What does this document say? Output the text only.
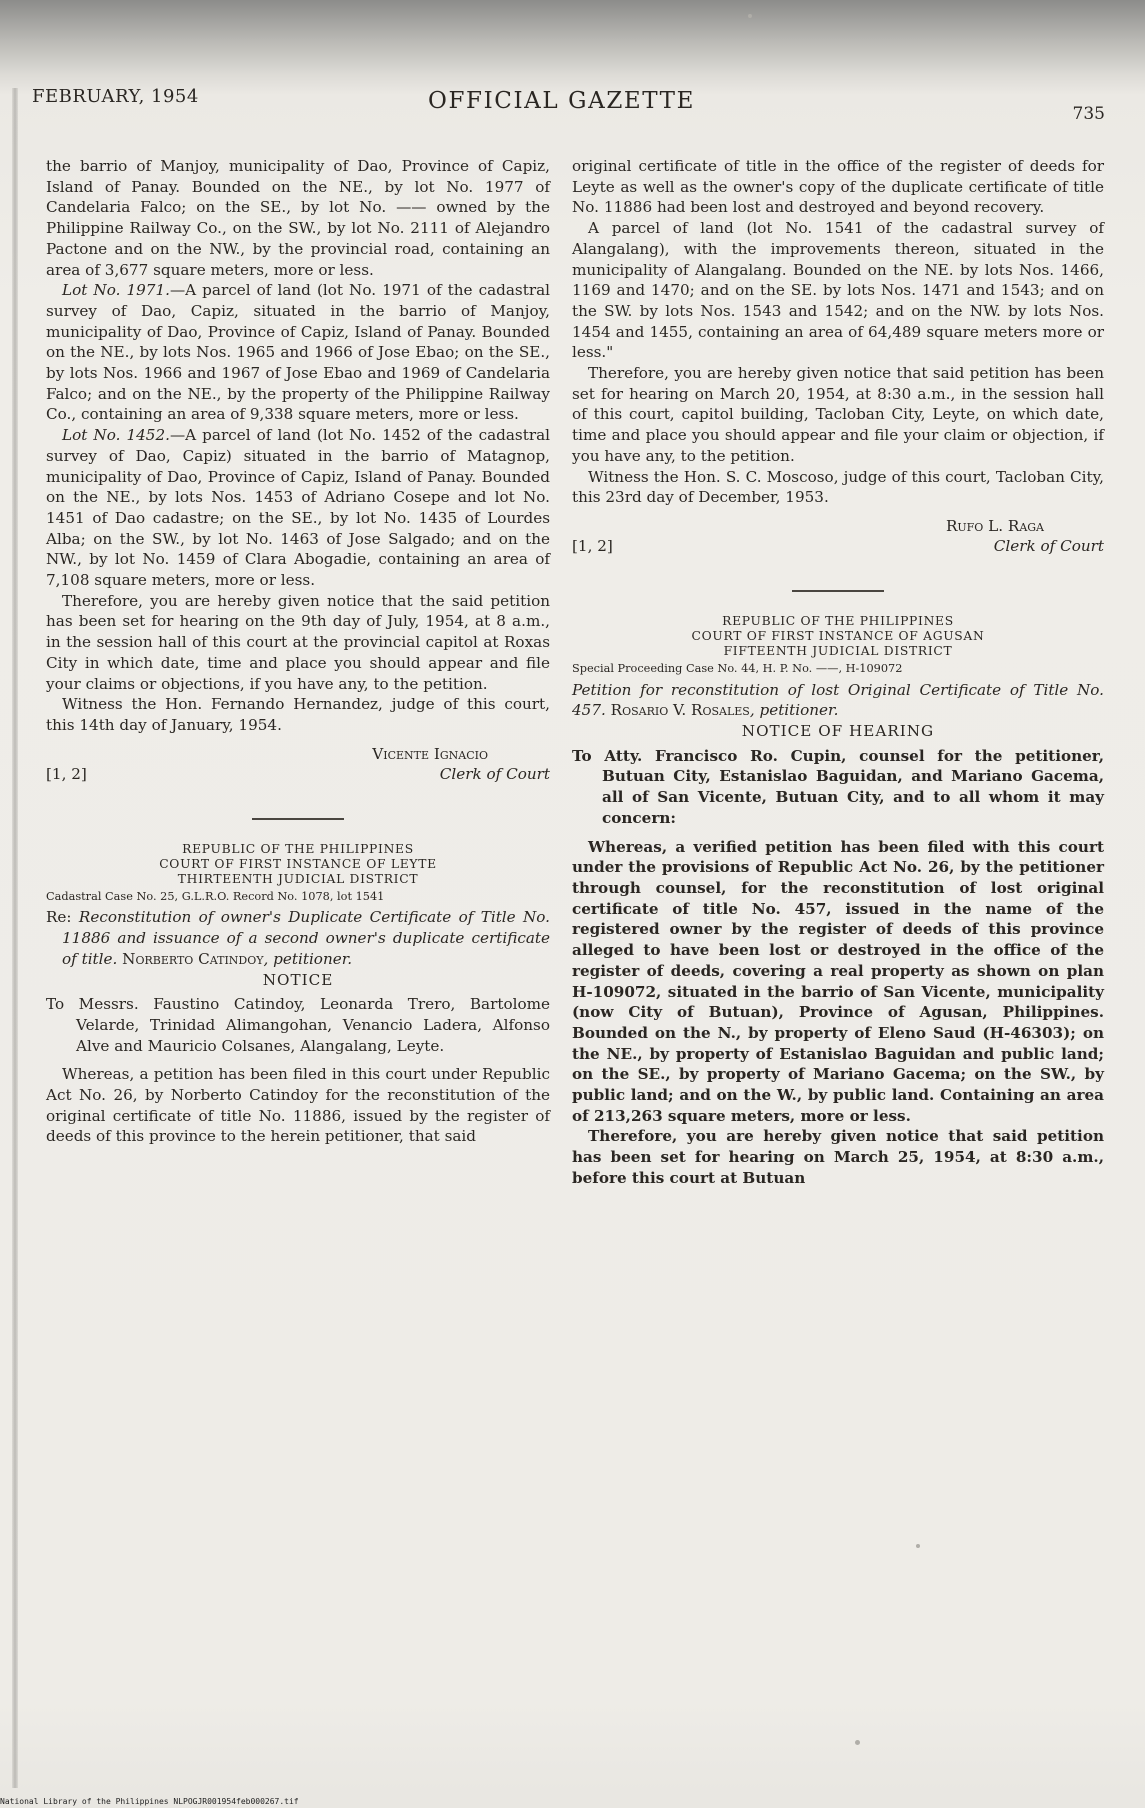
FEBRUARY, 1954	OFFICIAL GAZETTE	735

the barrio of Manjoy, municipality of Dao, Province of Capiz, Island of Panay. Bounded on the NE., by lot No. 1977 of Candelaria Falco; on the SE., by lot No. —— owned by the Philippine Railway Co., on the SW., by lot No. 2111 of Alejandro Pactone and on the NW., by the provincial road, containing an area of 3,677 square meters, more or less.

Lot No. 1971.—A parcel of land (lot No. 1971 of the cadastral survey of Dao, Capiz, situated in the barrio of Manjoy, municipality of Dao, Province of Capiz, Island of Panay. Bounded on the NE., by lots Nos. 1965 and 1966 of Jose Ebao; on the SE., by lots Nos. 1966 and 1967 of Jose Ebao and 1969 of Candelaria Falco; and on the NE., by the property of the Philippine Railway Co., containing an area of 9,338 square meters, more or less.

Lot No. 1452.—A parcel of land (lot No. 1452 of the cadastral survey of Dao, Capiz) situated in the barrio of Matagnop, municipality of Dao, Province of Capiz, Island of Panay. Bounded on the NE., by lots Nos. 1453 of Adriano Cosepe and lot No. 1451 of Dao cadastre; on the SE., by lot No. 1435 of Lourdes Alba; on the SW., by lot No. 1463 of Jose Salgado; and on the NW., by lot No. 1459 of Clara Abogadie, containing an area of 7,108 square meters, more or less.

Therefore, you are hereby given notice that the said petition has been set for hearing on the 9th day of July, 1954, at 8 a.m., in the session hall of this court at the provincial capitol at Roxas City in which date, time and place you should appear and file your claims or objections, if you have any, to the petition.

Witness the Hon. Fernando Hernandez, judge of this court, this 14th day of January, 1954.

[1, 2]
Vicente Ignacio
Clerk of Court
REPUBLIC OF THE PHILIPPINES
COURT OF FIRST INSTANCE OF LEYTE
THIRTEENTH JUDICIAL DISTRICT

Cadastral Case No. 25, G.L.R.O. Record No. 1078, lot 1541

Re: Reconstitution of owner's Duplicate Certificate of Title No. 11886 and issuance of a second owner's duplicate certificate of title. Norberto Catindoy, petitioner.

NOTICE

To Messrs. Faustino Catindoy, Leonarda Trero, Bartolome Velarde, Trinidad Alimangohan, Venancio Ladera, Alfonso Alve and Mauricio Colsanes, Alangalang, Leyte.

Whereas, a petition has been filed in this court under Republic Act No. 26, by Norberto Catindoy for the reconstitution of the original certificate of title No. 11886, issued by the register of deeds of this province to the herein petitioner, that said

original certificate of title in the office of the register of deeds for Leyte as well as the owner's copy of the duplicate certificate of title No. 11886 had been lost and destroyed and beyond recovery.

A parcel of land (lot No. 1541 of the cadastral survey of Alangalang), with the improvements thereon, situated in the municipality of Alangalang. Bounded on the NE. by lots Nos. 1466, 1169 and 1470; and on the SE. by lots Nos. 1471 and 1543; and on the SW. by lots Nos. 1543 and 1542; and on the NW. by lots Nos. 1454 and 1455, containing an area of 64,489 square meters more or less."

Therefore, you are hereby given notice that said petition has been set for hearing on March 20, 1954, at 8:30 a.m., in the session hall of this court, capitol building, Tacloban City, Leyte, on which date, time and place you should appear and file your claim or objection, if you have any, to the petition.

Witness the Hon. S. C. Moscoso, judge of this court, Tacloban City, this 23rd day of December, 1953.

[1, 2]
Rufo L. Raga
Clerk of Court
REPUBLIC OF THE PHILIPPINES
COURT OF FIRST INSTANCE OF AGUSAN
FIFTEENTH JUDICIAL DISTRICT

Special Proceeding Case No. 44, H. P. No. ——, H-109072

Petition for reconstitution of lost Original Certificate of Title No. 457. Rosario V. Rosales, petitioner.

NOTICE OF HEARING

To Atty. Francisco Ro. Cupin, counsel for the petitioner, Butuan City, Estanislao Baguidan, and Mariano Gacema, all of San Vicente, Butuan City, and to all whom it may concern:

Whereas, a verified petition has been filed with this court under the provisions of Republic Act No. 26, by the petitioner through counsel, for the reconstitution of lost original certificate of title No. 457, issued in the name of the registered owner by the register of deeds of this province alleged to have been lost or destroyed in the office of the register of deeds, covering a real property as shown on plan H-109072, situated in the barrio of San Vicente, municipality (now City of Butuan), Province of Agusan, Philippines. Bounded on the N., by property of Eleno Saud (H-46303); on the NE., by property of Estanislao Baguidan and public land; on the SE., by property of Mariano Gacema; on the SW., by public land; and on the W., by public land. Containing an area of 213,263 square meters, more or less.

Therefore, you are hereby given notice that said petition has been set for hearing on March 25, 1954, at 8:30 a.m., before this court at Butuan

National Library of the Philippines NLPOGJR001954feb000267.tif
